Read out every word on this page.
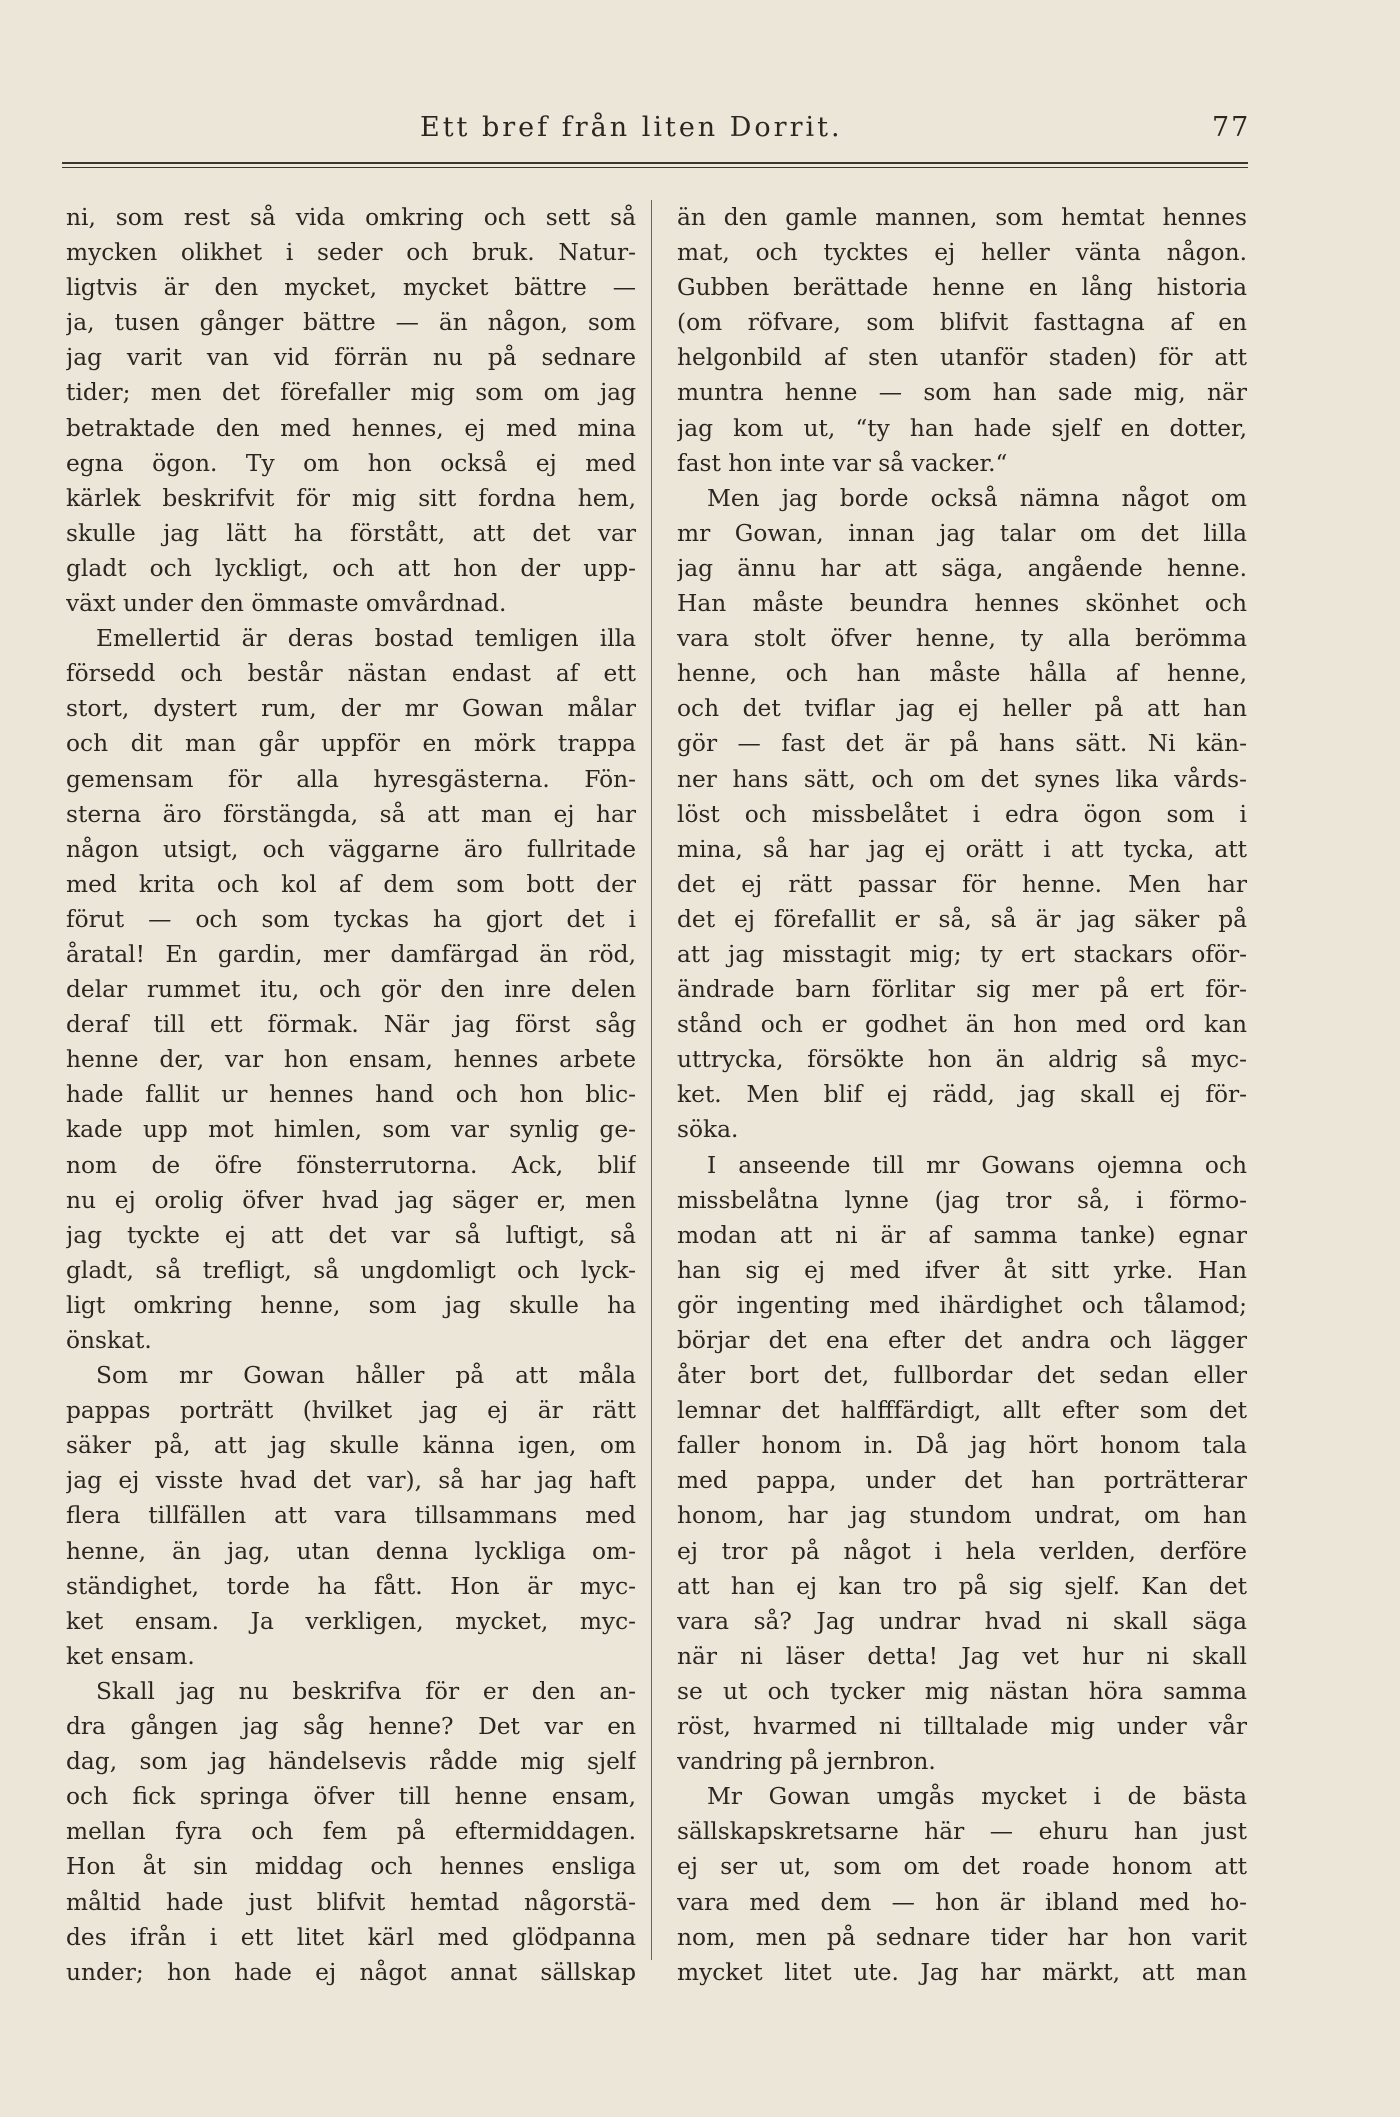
Ett bref från liten Dorrit.	77
ni, som rest så vida omkring och sett så
mycken olikhet i seder och bruk. Natur-
ligtvis är den mycket, mycket bättre —
ja, tusen gånger bättre — än någon, som
jag varit van vid förrän nu på sednare
tider; men det förefaller mig som om jag
betraktade den med hennes, ej med mina
egna ögon. Ty om hon också ej med
kärlek beskrifvit för mig sitt fordna hem,
skulle jag lätt ha förstått, att det var
gladt och lyckligt, och att hon der upp-
växt under den ömmaste omvårdnad.
Emellertid är deras bostad temligen illa
försedd och består nästan endast af ett
stort, dystert rum, der mr Gowan målar
och dit man går uppför en mörk trappa
gemensam för alla hyresgästerna. Fön-
sterna äro förstängda, så att man ej har
någon utsigt, och väggarne äro fullritade
med krita och kol af dem som bott der
förut — och som tyckas ha gjort det i
åratal! En gardin, mer damfärgad än röd,
delar rummet itu, och gör den inre delen
deraf till ett förmak. När jag först såg
henne der, var hon ensam, hennes arbete
hade fallit ur hennes hand och hon blic-
kade upp mot himlen, som var synlig ge-
nom de öfre fönsterrutorna. Ack, blif
nu ej orolig öfver hvad jag säger er, men
jag tyckte ej att det var så luftigt, så
gladt, så trefligt, så ungdomligt och lyck-
ligt omkring henne, som jag skulle ha
önskat.
Som mr Gowan håller på att måla
pappas porträtt (hvilket jag ej är rätt
säker på, att jag skulle känna igen, om
jag ej visste hvad det var), så har jag haft
flera tillfällen att vara tillsammans med
henne, än jag, utan denna lyckliga om-
ständighet, torde ha fått. Hon är myc-
ket ensam. Ja verkligen, mycket, myc-
ket ensam.
Skall jag nu beskrifva för er den an-
dra gången jag såg henne? Det var en
dag, som jag händelsevis rådde mig sjelf
och fick springa öfver till henne ensam,
mellan fyra och fem på eftermiddagen.
Hon åt sin middag och hennes ensliga
måltid hade just blifvit hemtad någorstä-
des ifrån i ett litet kärl med glödpanna
under; hon hade ej något annat sällskap
än den gamle mannen, som hemtat hennes
mat, och tycktes ej heller vänta någon.
Gubben berättade henne en lång historia
(om röfvare, som blifvit fasttagna af en
helgonbild af sten utanför staden) för att
muntra henne — som han sade mig, när
jag kom ut, “ty han hade sjelf en dotter,
fast hon inte var så vacker.“
Men jag borde också nämna något om
mr Gowan, innan jag talar om det lilla
jag ännu har att säga, angående henne.
Han måste beundra hennes skönhet och
vara stolt öfver henne, ty alla berömma
henne, och han måste hålla af henne,
och det tviflar jag ej heller på att han
gör — fast det är på hans sätt. Ni kän-
ner hans sätt, och om det synes lika vårds-
löst och missbelåtet i edra ögon som i
mina, så har jag ej orätt i att tycka, att
det ej rätt passar för henne. Men har
det ej förefallit er så, så är jag säker på
att jag misstagit mig; ty ert stackars oför-
ändrade barn förlitar sig mer på ert för-
stånd och er godhet än hon med ord kan
uttrycka, försökte hon än aldrig så myc-
ket. Men blif ej rädd, jag skall ej för-
söka.
I anseende till mr Gowans ojemna och
missbelåtna lynne (jag tror så, i förmo-
modan att ni är af samma tanke) egnar
han sig ej med ifver åt sitt yrke. Han
gör ingenting med ihärdighet och tålamod;
börjar det ena efter det andra och lägger
åter bort det, fullbordar det sedan eller
lemnar det halfffärdigt, allt efter som det
faller honom in. Då jag hört honom tala
med pappa, under det han porträtterar
honom, har jag stundom undrat, om han
ej tror på något i hela verlden, derföre
att han ej kan tro på sig sjelf. Kan det
vara så? Jag undrar hvad ni skall säga
när ni läser detta! Jag vet hur ni skall
se ut och tycker mig nästan höra samma
röst, hvarmed ni tilltalade mig under vår
vandring på jernbron.
Mr Gowan umgås mycket i de bästa
sällskapskretsarne här — ehuru han just
ej ser ut, som om det roade honom att
vara med dem — hon är ibland med ho-
nom, men på sednare tider har hon varit
mycket litet ute. Jag har märkt, att man
